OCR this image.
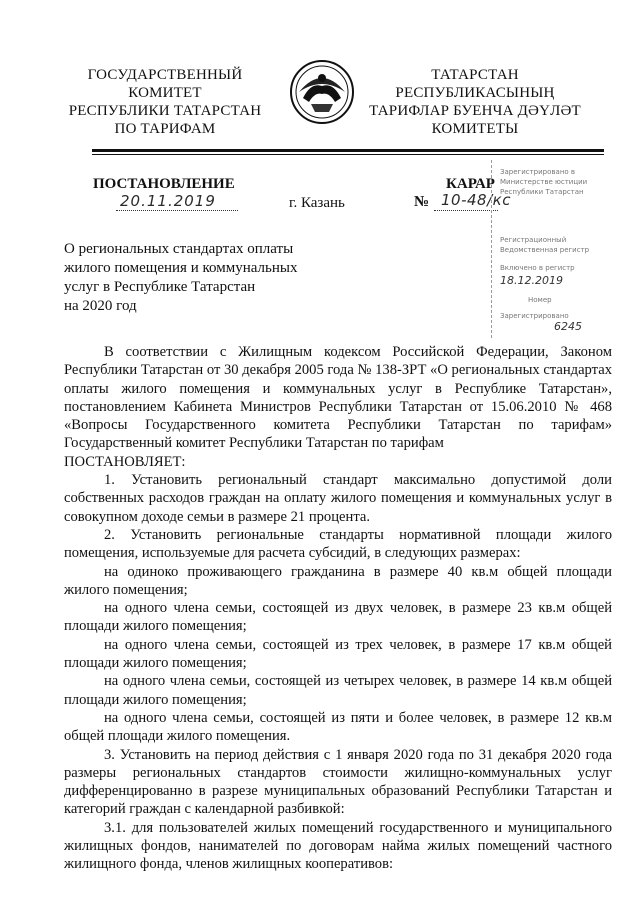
ГОСУДАРСТВЕННЫЙ
КОМИТЕТ
РЕСПУБЛИКИ ТАТАРСТАН
ПО ТАРИФАМ
ТАТАРСТАН
РЕСПУБЛИКАСЫНЫҢ
ТАРИФЛАР БУЕНЧА ДӘҮЛӘТ
КОМИТЕТЫ
ПОСТАНОВЛЕНИЕ	КАРАР
20.11.2019	г. Казань	№ 10-48/кс
Зарегистрировано в
Министерстве юстиции
Республики Татарстан
Регистрационный
Ведомственная регистр
Включено в регистр
18.12.2019
Номер
Зарегистрировано
6245
О региональных стандартах оплаты
жилого помещения и коммунальных
услуг в Республике Татарстан
на 2020 год

В соответствии с Жилищным кодексом Российской Федерации, Законом Республики Татарстан от 30 декабря 2005 года № 138-ЗРТ «О региональных стандартах оплаты жилого помещения и коммунальных услуг в Республике Татарстан», постановлением Кабинета Министров Республики Татарстан от 15.06.2010 № 468 «Вопросы Государственного комитета Республики Татарстан по тарифам» Государственный комитет Республики Татарстан по тарифам

ПОСТАНОВЛЯЕТ:

1. Установить региональный стандарт максимально допустимой доли собственных расходов граждан на оплату жилого помещения и коммунальных услуг в совокупном доходе семьи в размере 21 процента.

2. Установить региональные стандарты нормативной площади жилого помещения, используемые для расчета субсидий, в следующих размерах:

на одиноко проживающего гражданина в размере 40 кв.м общей площади жилого помещения;

на одного члена семьи, состоящей из двух человек, в размере 23 кв.м общей площади жилого помещения;

на одного члена семьи, состоящей из трех человек, в размере 17 кв.м общей площади жилого помещения;

на одного члена семьи, состоящей из четырех человек, в размере 14 кв.м общей площади жилого помещения;

на одного члена семьи, состоящей из пяти и более человек, в размере 12 кв.м общей площади жилого помещения.

3. Установить на период действия с 1 января 2020 года по 31 декабря 2020 года размеры региональных стандартов стоимости жилищно-коммунальных услуг дифференцированно в разрезе муниципальных образований Республики Татарстан и категорий граждан с календарной разбивкой:

3.1. для пользователей жилых помещений государственного и муниципального жилищных фондов, нанимателей по договорам найма жилых помещений частного жилищного фонда, членов жилищных кооперативов:
